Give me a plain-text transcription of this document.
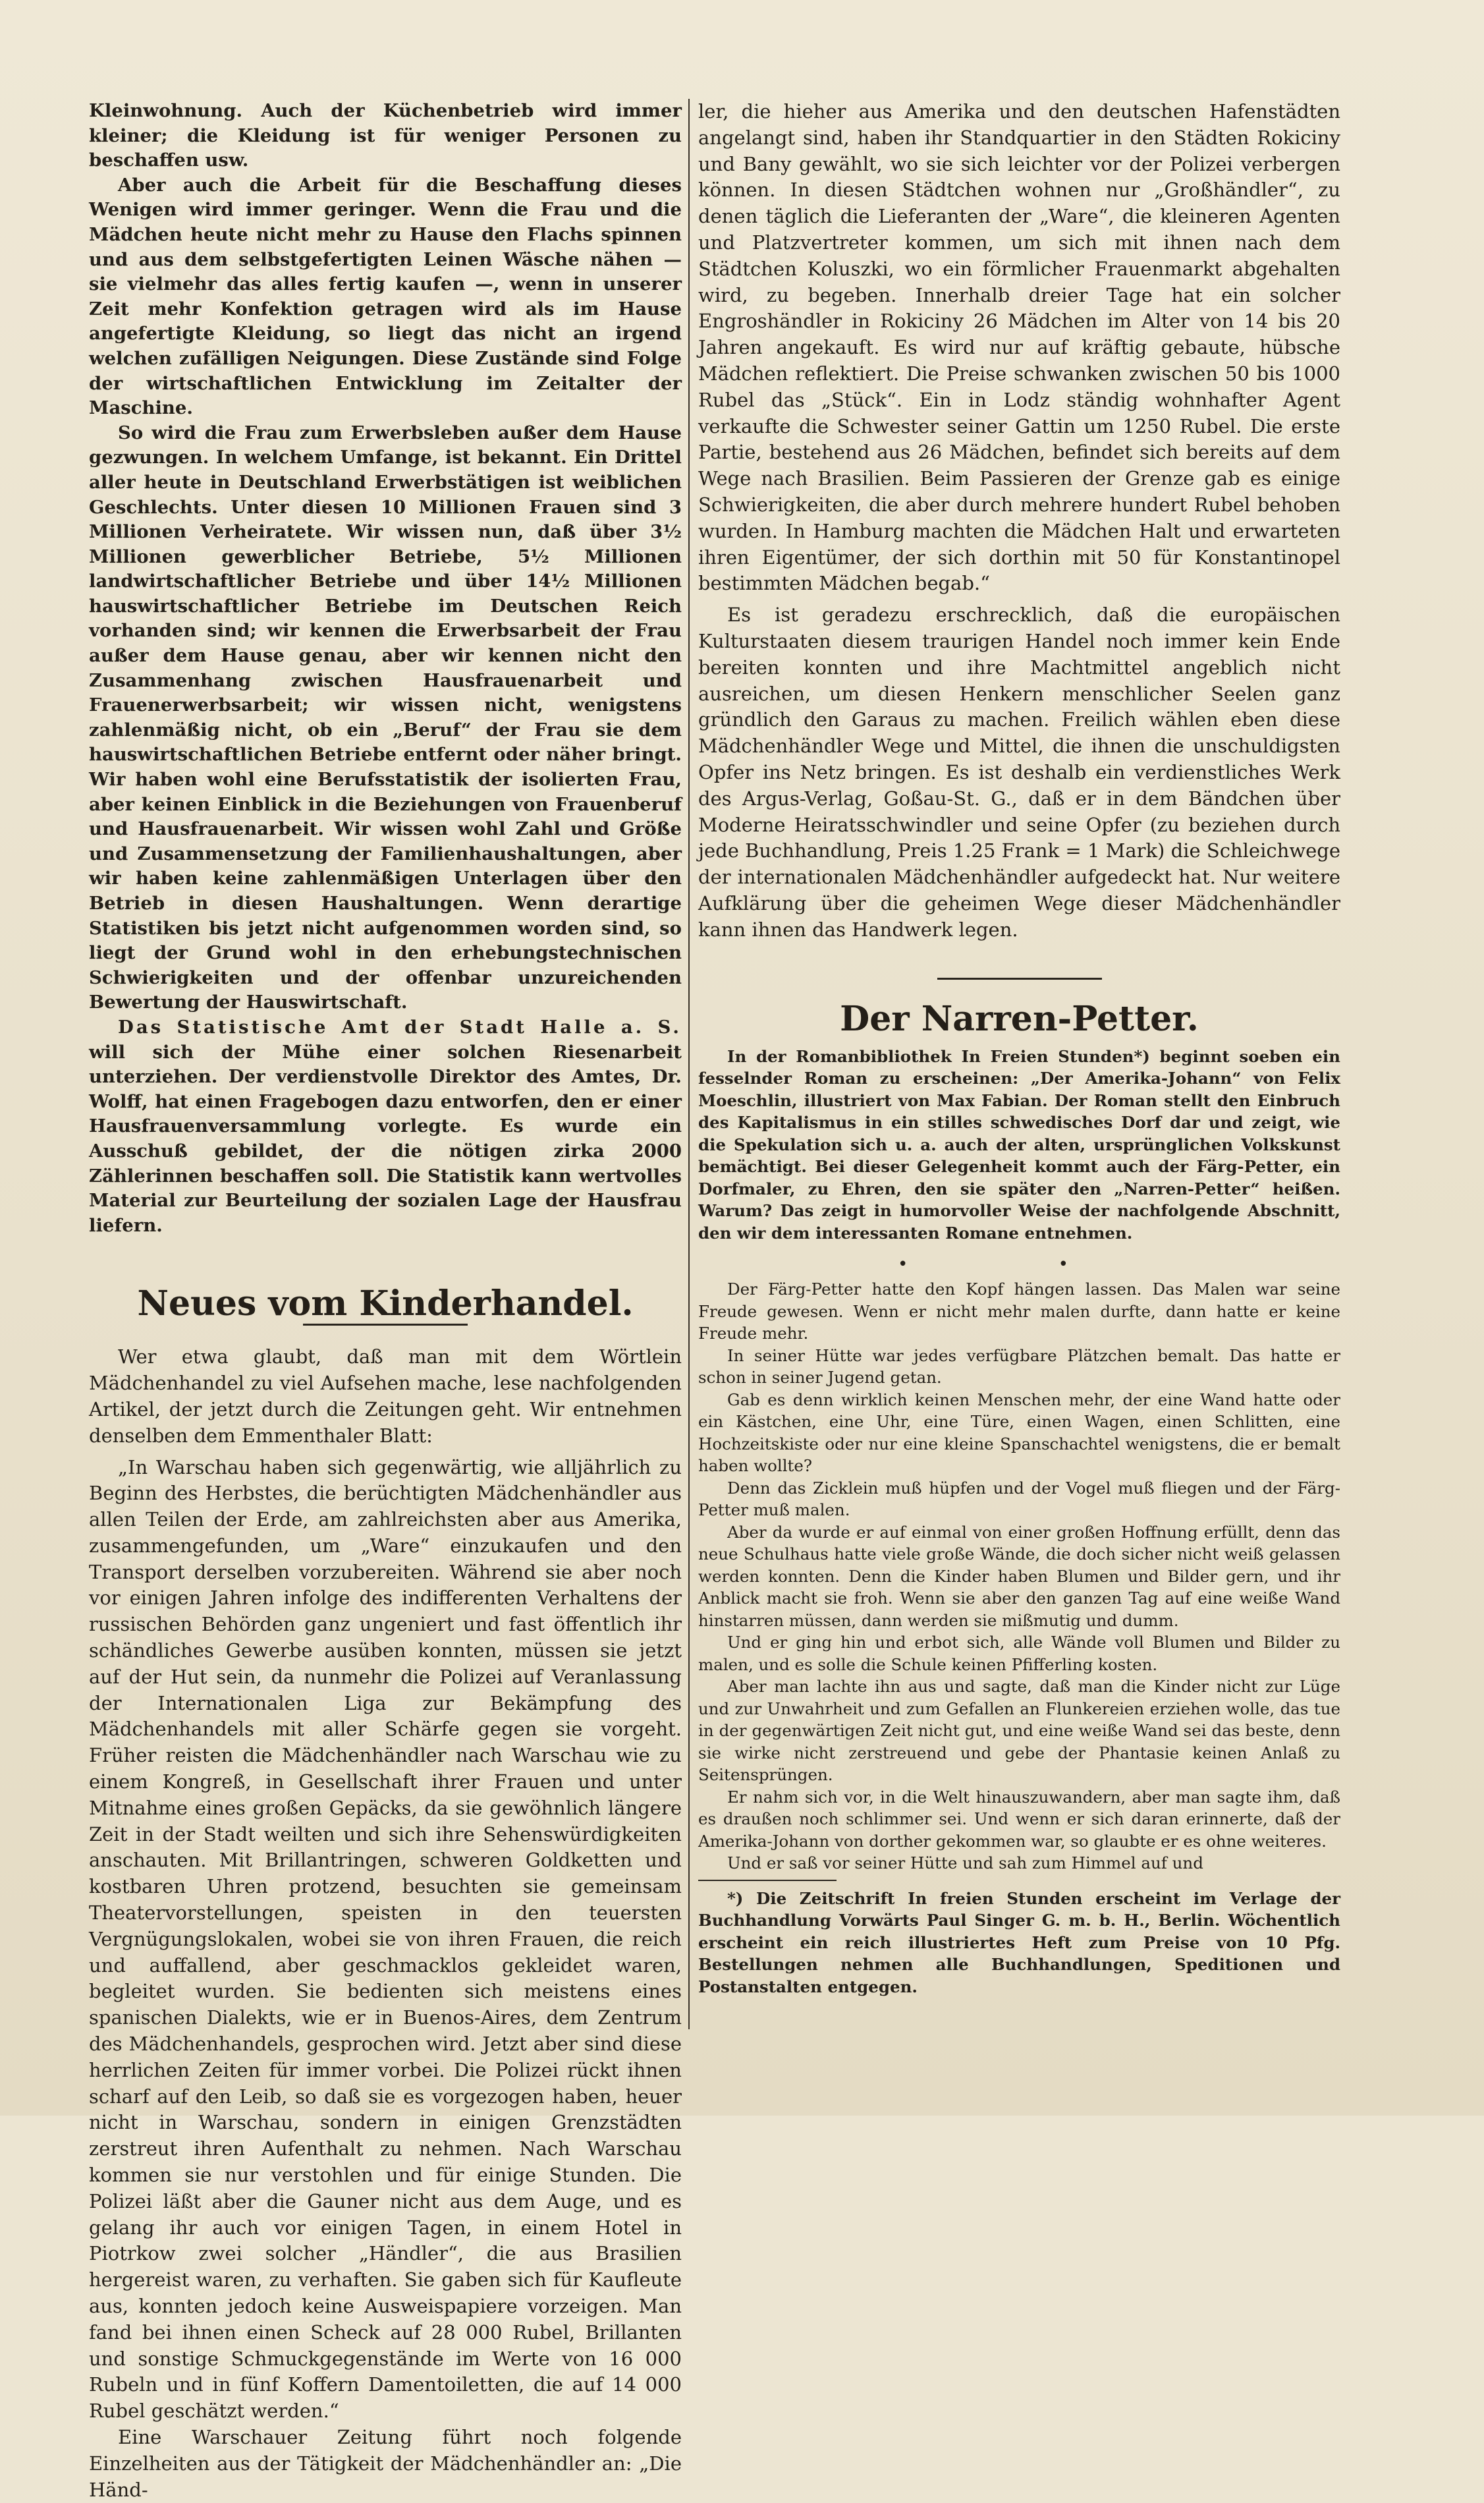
Kleinwohnung. Auch der Küchenbetrieb wird immer kleiner; die Kleidung ist für weniger Personen zu beschaffen usw.

Aber auch die Arbeit für die Beschaffung dieses Wenigen wird immer geringer. Wenn die Frau und die Mädchen heute nicht mehr zu Hause den Flachs spinnen und aus dem selbstgefertigten Leinen Wäsche nähen — sie vielmehr das alles fertig kaufen —, wenn in unserer Zeit mehr Konfektion getragen wird als im Hause angefertigte Kleidung, so liegt das nicht an irgend welchen zufälligen Neigungen. Diese Zustände sind Folge der wirtschaftlichen Entwicklung im Zeitalter der Maschine.

So wird die Frau zum Erwerbsleben außer dem Hause gezwungen. In welchem Umfange, ist bekannt. Ein Drittel aller heute in Deutschland Erwerbstätigen ist weiblichen Geschlechts. Unter diesen 10 Millionen Frauen sind 3 Millionen Verheiratete. Wir wissen nun, daß über 3½ Millionen gewerblicher Betriebe, 5½ Millionen landwirtschaftlicher Betriebe und über 14½ Millionen hauswirtschaftlicher Betriebe im Deutschen Reich vorhanden sind; wir kennen die Erwerbsarbeit der Frau außer dem Hause genau, aber wir kennen nicht den Zusammenhang zwischen Hausfrauenarbeit und Frauenerwerbsarbeit; wir wissen nicht, wenigstens zahlenmäßig nicht, ob ein „Beruf“ der Frau sie dem hauswirtschaftlichen Betriebe entfernt oder näher bringt. Wir haben wohl eine Berufsstatistik der isolierten Frau, aber keinen Einblick in die Beziehungen von Frauenberuf und Hausfrauenarbeit. Wir wissen wohl Zahl und Größe und Zusammensetzung der Familienhaushaltungen, aber wir haben keine zahlenmäßigen Unterlagen über den Betrieb in diesen Haushaltungen. Wenn derartige Statistiken bis jetzt nicht aufgenommen worden sind, so liegt der Grund wohl in den erhebungstechnischen Schwierigkeiten und der offenbar unzureichenden Bewertung der Hauswirtschaft.

Das Statistische Amt der Stadt Halle a. S. will sich der Mühe einer solchen Riesenarbeit unterziehen. Der verdienstvolle Direktor des Amtes, Dr. Wolff, hat einen Fragebogen dazu entworfen, den er einer Hausfrauenversammlung vorlegte. Es wurde ein Ausschuß gebildet, der die nötigen zirka 2000 Zählerinnen beschaffen soll. Die Statistik kann wertvolles Material zur Beurteilung der sozialen Lage der Hausfrau liefern.

Neues vom Kinderhandel.

Wer etwa glaubt, daß man mit dem Wörtlein Mädchenhandel zu viel Aufsehen mache, lese nachfolgenden Artikel, der jetzt durch die Zeitungen geht. Wir entnehmen denselben dem Emmenthaler Blatt:

„In Warschau haben sich gegenwärtig, wie alljährlich zu Beginn des Herbstes, die berüchtigten Mädchenhändler aus allen Teilen der Erde, am zahlreichsten aber aus Amerika, zusammengefunden, um „Ware“ einzukaufen und den Transport derselben vorzubereiten. Während sie aber noch vor einigen Jahren infolge des indifferenten Verhaltens der russischen Behörden ganz ungeniert und fast öffentlich ihr schändliches Gewerbe ausüben konnten, müssen sie jetzt auf der Hut sein, da nunmehr die Polizei auf Veranlassung der Internationalen Liga zur Bekämpfung des Mädchenhandels mit aller Schärfe gegen sie vorgeht. Früher reisten die Mädchenhändler nach Warschau wie zu einem Kongreß, in Gesellschaft ihrer Frauen und unter Mitnahme eines großen Gepäcks, da sie gewöhnlich längere Zeit in der Stadt weilten und sich ihre Sehenswürdigkeiten anschauten. Mit Brillantringen, schweren Goldketten und kostbaren Uhren protzend, besuchten sie gemeinsam Theatervorstellungen, speisten in den teuersten Vergnügungslokalen, wobei sie von ihren Frauen, die reich und auffallend, aber geschmacklos gekleidet waren, begleitet wurden. Sie bedienten sich meistens eines spanischen Dialekts, wie er in Buenos-Aires, dem Zentrum des Mädchenhandels, gesprochen wird. Jetzt aber sind diese herrlichen Zeiten für immer vorbei. Die Polizei rückt ihnen scharf auf den Leib, so daß sie es vorgezogen haben, heuer nicht in Warschau, sondern in einigen Grenzstädten zerstreut ihren Aufenthalt zu nehmen. Nach Warschau kommen sie nur verstohlen und für einige Stunden. Die Polizei läßt aber die Gauner nicht aus dem Auge, und es gelang ihr auch vor einigen Tagen, in einem Hotel in Piotrkow zwei solcher „Händler“, die aus Brasilien hergereist waren, zu verhaften. Sie gaben sich für Kaufleute aus, konnten jedoch keine Ausweispapiere vorzeigen. Man fand bei ihnen einen Scheck auf 28 000 Rubel, Brillanten und sonstige Schmuckgegenstände im Werte von 16 000 Rubeln und in fünf Koffern Damentoiletten, die auf 14 000 Rubel geschätzt werden.“

Eine Warschauer Zeitung führt noch folgende Einzelheiten aus der Tätigkeit der Mädchenhändler an: „Die Händ-

ler, die hieher aus Amerika und den deutschen Hafenstädten angelangt sind, haben ihr Standquartier in den Städten Rokiciny und Bany gewählt, wo sie sich leichter vor der Polizei verbergen können. In diesen Städtchen wohnen nur „Großhändler“, zu denen täglich die Lieferanten der „Ware“, die kleineren Agenten und Platzvertreter kommen, um sich mit ihnen nach dem Städtchen Koluszki, wo ein förmlicher Frauenmarkt abgehalten wird, zu begeben. Innerhalb dreier Tage hat ein solcher Engroshändler in Rokiciny 26 Mädchen im Alter von 14 bis 20 Jahren angekauft. Es wird nur auf kräftig gebaute, hübsche Mädchen reflektiert. Die Preise schwanken zwischen 50 bis 1000 Rubel das „Stück“. Ein in Lodz ständig wohnhafter Agent verkaufte die Schwester seiner Gattin um 1250 Rubel. Die erste Partie, bestehend aus 26 Mädchen, befindet sich bereits auf dem Wege nach Brasilien. Beim Passieren der Grenze gab es einige Schwierigkeiten, die aber durch mehrere hundert Rubel behoben wurden. In Hamburg machten die Mädchen Halt und erwarteten ihren Eigentümer, der sich dorthin mit 50 für Konstantinopel bestimmten Mädchen begab.“

Es ist geradezu erschrecklich, daß die europäischen Kulturstaaten diesem traurigen Handel noch immer kein Ende bereiten konnten und ihre Machtmittel angeblich nicht ausreichen, um diesen Henkern menschlicher Seelen ganz gründlich den Garaus zu machen. Freilich wählen eben diese Mädchenhändler Wege und Mittel, die ihnen die unschuldigsten Opfer ins Netz bringen. Es ist deshalb ein verdienstliches Werk des Argus-Verlag, Goßau-St. G., daß er in dem Bändchen über Moderne Heiratsschwindler und seine Opfer (zu beziehen durch jede Buchhandlung, Preis 1.25 Frank = 1 Mark) die Schleichwege der internationalen Mädchenhändler aufgedeckt hat. Nur weitere Aufklärung über die geheimen Wege dieser Mädchenhändler kann ihnen das Handwerk legen.

Der Narren-Petter.

In der Romanbibliothek In Freien Stunden*) beginnt soeben ein fesselnder Roman zu erscheinen: „Der Amerika-Johann“ von Felix Moeschlin, illustriert von Max Fabian. Der Roman stellt den Einbruch des Kapitalismus in ein stilles schwedisches Dorf dar und zeigt, wie die Spekulation sich u. a. auch der alten, ursprünglichen Volkskunst bemächtigt. Bei dieser Gelegenheit kommt auch der Färg-Petter, ein Dorfmaler, zu Ehren, den sie später den „Narren-Petter“ heißen. Warum? Das zeigt in humorvoller Weise der nachfolgende Abschnitt, den wir dem interessanten Romane entnehmen.

• •

Der Färg-Petter hatte den Kopf hängen lassen. Das Malen war seine Freude gewesen. Wenn er nicht mehr malen durfte, dann hatte er keine Freude mehr.

In seiner Hütte war jedes verfügbare Plätzchen bemalt. Das hatte er schon in seiner Jugend getan.

Gab es denn wirklich keinen Menschen mehr, der eine Wand hatte oder ein Kästchen, eine Uhr, eine Türe, einen Wagen, einen Schlitten, eine Hochzeitskiste oder nur eine kleine Spanschachtel wenigstens, die er bemalt haben wollte?

Denn das Zicklein muß hüpfen und der Vogel muß fliegen und der Färg-Petter muß malen.

Aber da wurde er auf einmal von einer großen Hoffnung erfüllt, denn das neue Schulhaus hatte viele große Wände, die doch sicher nicht weiß gelassen werden konnten. Denn die Kinder haben Blumen und Bilder gern, und ihr Anblick macht sie froh. Wenn sie aber den ganzen Tag auf eine weiße Wand hinstarren müssen, dann werden sie mißmutig und dumm.

Und er ging hin und erbot sich, alle Wände voll Blumen und Bilder zu malen, und es solle die Schule keinen Pfifferling kosten.

Aber man lachte ihn aus und sagte, daß man die Kinder nicht zur Lüge und zur Unwahrheit und zum Gefallen an Flunkereien erziehen wolle, das tue in der gegenwärtigen Zeit nicht gut, und eine weiße Wand sei das beste, denn sie wirke nicht zerstreuend und gebe der Phantasie keinen Anlaß zu Seitensprüngen.

Er nahm sich vor, in die Welt hinauszuwandern, aber man sagte ihm, daß es draußen noch schlimmer sei. Und wenn er sich daran erinnerte, daß der Amerika-Johann von dorther gekommen war, so glaubte er es ohne weiteres.

Und er saß vor seiner Hütte und sah zum Himmel auf und

*) Die Zeitschrift In freien Stunden erscheint im Verlage der Buchhandlung Vorwärts Paul Singer G. m. b. H., Berlin. Wöchentlich erscheint ein reich illustriertes Heft zum Preise von 10 Pfg. Bestellungen nehmen alle Buchhandlungen, Speditionen und Postanstalten entgegen.
